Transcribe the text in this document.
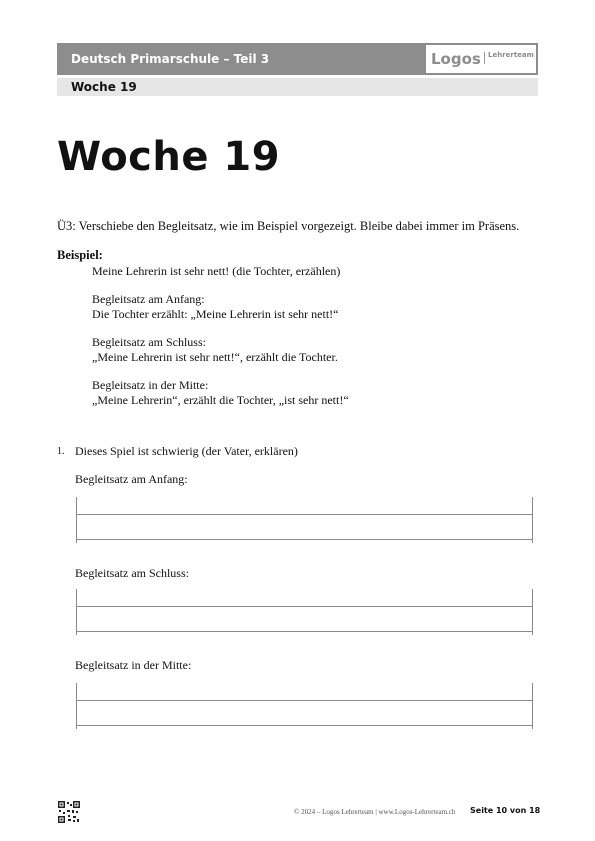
Deutsch Primarschule – Teil 3	Logos Lehrerteam
Woche 19
Woche 19
Ü3: Verschiebe den Begleitsatz, wie im Beispiel vorgezeigt. Bleibe dabei immer im Präsens.
Beispiel:
Meine Lehrerin ist sehr nett! (die Tochter, erzählen)
Begleitsatz am Anfang:
Die Tochter erzählt: „Meine Lehrerin ist sehr nett!“
Begleitsatz am Schluss:
„Meine Lehrerin ist sehr nett!“, erzählt die Tochter.
Begleitsatz in der Mitte:
„Meine Lehrerin“, erzählt die Tochter, „ist sehr nett!“
1. Dieses Spiel ist schwierig (der Vater, erklären)
Begleitsatz am Anfang:
Begleitsatz am Schluss:
Begleitsatz in der Mitte:
© 2024 – Logos Lehrerteam | www.Logos-Lehrerteam.ch Seite 10 von 18
